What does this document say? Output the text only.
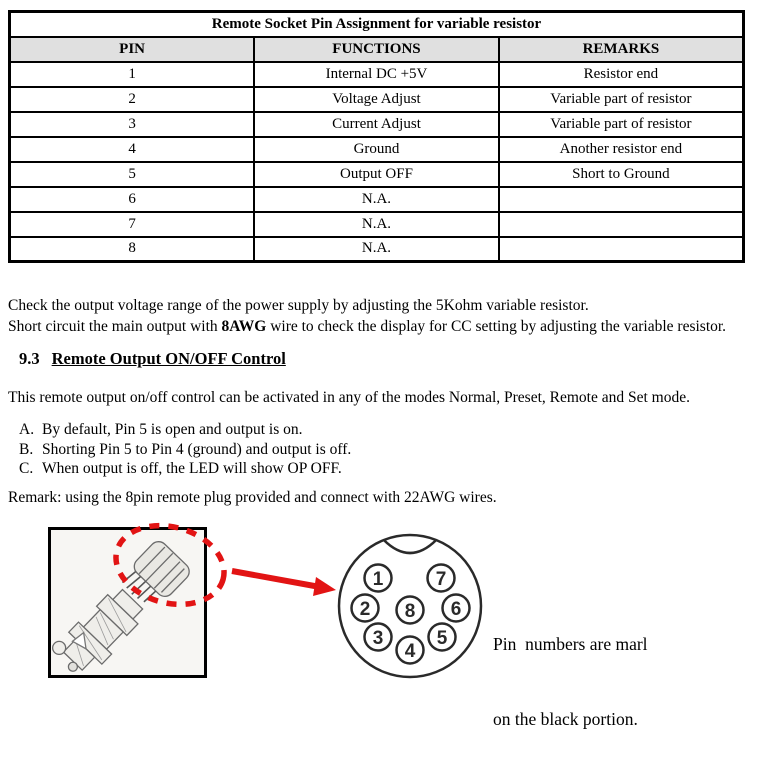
Remote Socket Pin Assignment for variable resistor		
PIN	FUNCTIONS	REMARKS
1	Internal DC +5V	Resistor end
2	Voltage Adjust	Variable part of resistor
3	Current Adjust	Variable part of resistor
4	Ground	Another resistor end
5	Output OFF	Short to Ground
6	N.A.	
7	N.A.	
8	N.A.	
Check the output voltage range of the power supply by adjusting the 5Kohm variable resistor.
Short circuit the main output with 8AWG wire to check the display for CC setting by adjusting the variable resistor.
9.3 Remote Output ON/OFF Control
This remote output on/off control can be activated in any of the modes Normal, Preset, Remote and Set mode.
A. By default, Pin 5 is open and output is on.
B. Shorting Pin 5 to Pin 4 (ground) and output is off.
C. When output is off, the LED will show OP OFF.
Remark: using the 8pin remote plug provided and connect with 22AWG wires.
1	7
2 8 6
3
4
5

	Pin  numbers are marl

on the black portion.
